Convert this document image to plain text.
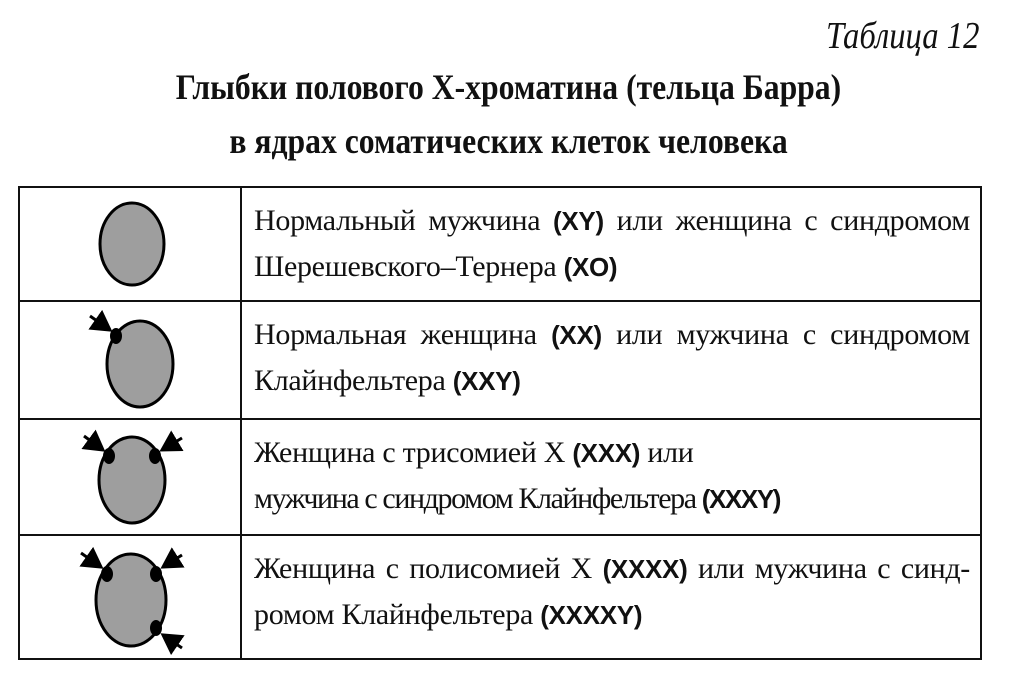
Таблица 12
Глыбки полового Х-хроматина (тельца Барра)
в ядрах соматических клеток человека
Нормальный мужчина (XY) или женщина с синдромом
Шерешевского–Тернера (XO)
Нормальная женщина (XX) или мужчина с синдромом
Клайнфельтера (XXY)
Женщина с трисомией X (XXX) или
мужчина с синдромом Клайнфельтера (XXXY)
Женщина с полисомией X (XXXX) или мужчина с синд-
ромом Клайнфельтера (XXXXY)
